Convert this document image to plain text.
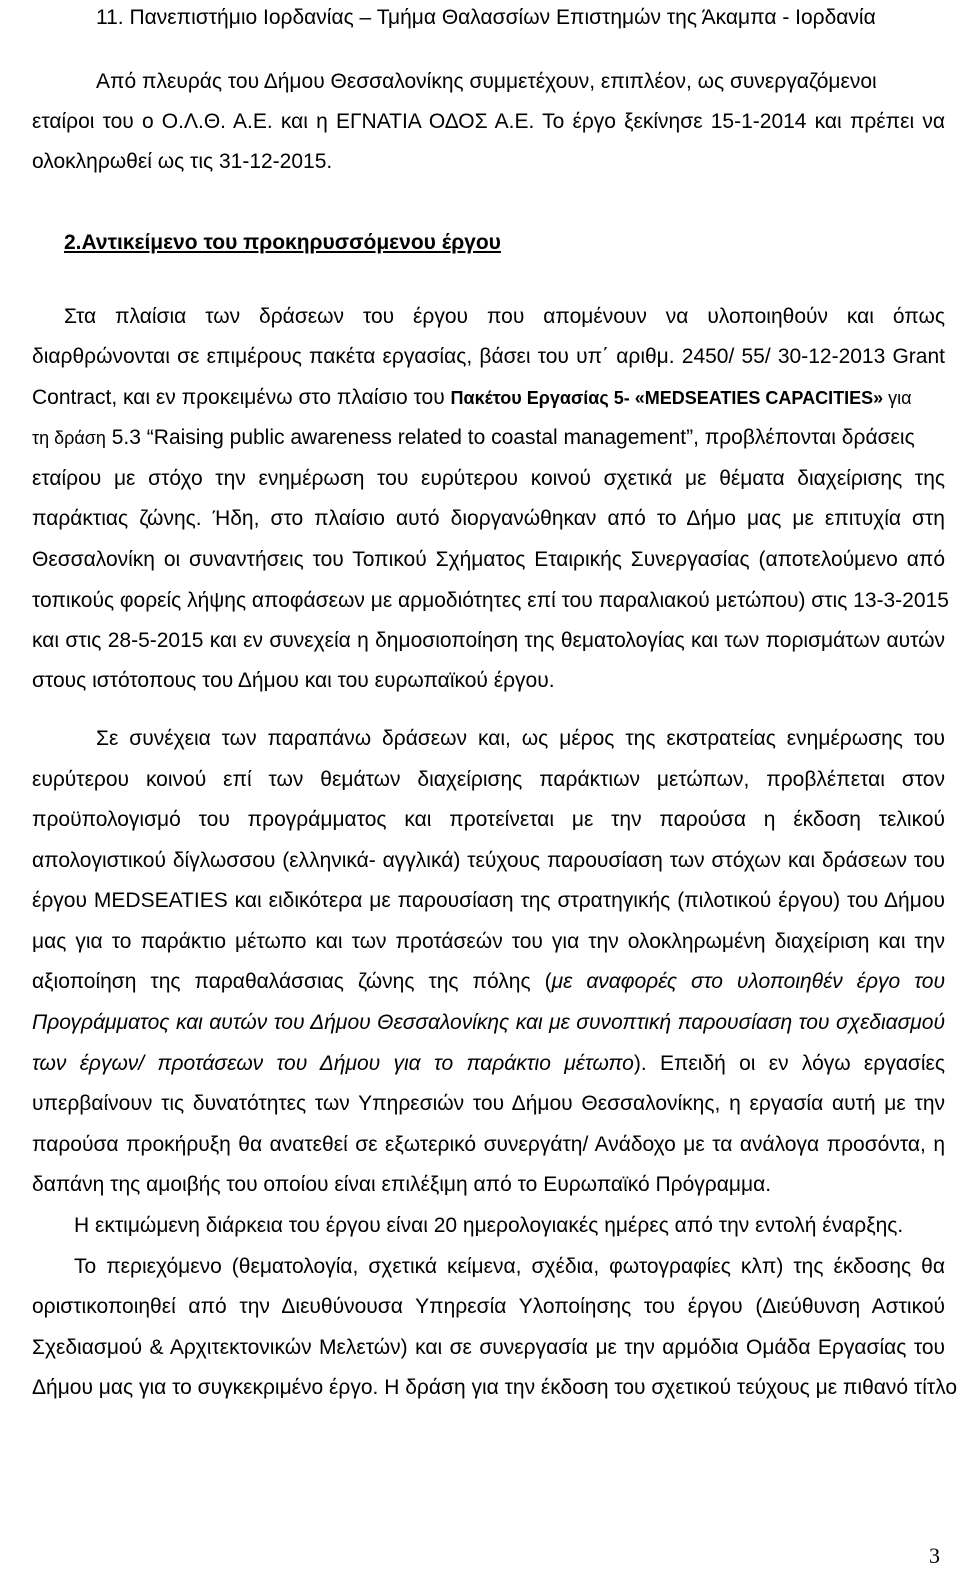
11. Πανεπιστήμιο Ιορδανίας – Τμήμα Θαλασσίων Επιστημών της Άκαμπα - Ιορδανία
Από πλευράς του Δήμου Θεσσαλονίκης συμμετέχουν, επιπλέον, ως συνεργαζόμενοι
εταίροι του ο Ο.Λ.Θ. Α.Ε. και η ΕΓΝΑΤΙΑ ΟΔΟΣ Α.Ε. Το έργο ξεκίνησε 15-1-2014 και πρέπει να
ολοκληρωθεί ως τις 31-12-2015.
2.Αντικείμενο του προκηρυσσόμενου έργου
Στα πλαίσια των δράσεων του έργου που απομένουν να υλοποιηθούν και όπως
διαρθρώνονται σε επιμέρους πακέτα εργασίας, βάσει του υπ΄ αριθμ. 2450/ 55/ 30-12-2013 Grant
Contract, και εν προκειμένω στο πλαίσιο του Πακέτου Εργασίας 5- «MEDSEATIES CAPACITIES» για
τη δράση 5.3 “Raising public awareness related to coastal management”, προβλέπονται δράσεις
εταίρου με στόχο την ενημέρωση του ευρύτερου κοινού σχετικά με θέματα διαχείρισης της
παράκτιας ζώνης. Ήδη, στο πλαίσιο αυτό διοργανώθηκαν από το Δήμο μας με επιτυχία στη
Θεσσαλονίκη οι συναντήσεις του Τοπικού Σχήματος Εταιρικής Συνεργασίας (αποτελούμενο από
τοπικούς φορείς λήψης αποφάσεων με αρμοδιότητες επί του παραλιακού μετώπου) στις 13-3-2015
και στις 28-5-2015 και εν συνεχεία η δημοσιοποίηση της θεματολογίας και των πορισμάτων αυτών
στους ιστότοπους του Δήμου και του ευρωπαϊκού έργου.
Σε συνέχεια των παραπάνω δράσεων και, ως μέρος της εκστρατείας ενημέρωσης του
ευρύτερου κοινού επί των θεμάτων διαχείρισης παράκτιων μετώπων, προβλέπεται στον
προϋπολογισμό του προγράμματος και προτείνεται με την παρούσα η έκδοση τελικού
απολογιστικού δίγλωσσου (ελληνικά- αγγλικά) τεύχους παρουσίαση των στόχων και δράσεων του
έργου MEDSEATIES και ειδικότερα με παρουσίαση της στρατηγικής (πιλοτικού έργου) του Δήμου
μας για το παράκτιο μέτωπο και των προτάσεών του για την ολοκληρωμένη διαχείριση και την
αξιοποίηση της παραθαλάσσιας ζώνης της πόλης (με αναφορές στο υλοποιηθέν έργο του
Προγράμματος και αυτών του Δήμου Θεσσαλονίκης και με συνοπτική παρουσίαση του σχεδιασμού
των έργων/ προτάσεων του Δήμου για το παράκτιο μέτωπο). Επειδή οι εν λόγω εργασίες
υπερβαίνουν τις δυνατότητες των Υπηρεσιών του Δήμου Θεσσαλονίκης, η εργασία αυτή με την
παρούσα προκήρυξη θα ανατεθεί σε εξωτερικό συνεργάτη/ Ανάδοχο με τα ανάλογα προσόντα, η
δαπάνη της αμοιβής του οποίου είναι επιλέξιμη από το Ευρωπαϊκό Πρόγραμμα.
Η εκτιμώμενη διάρκεια του έργου είναι 20 ημερολογιακές ημέρες από την εντολή έναρξης.
Το περιεχόμενο (θεματολογία, σχετικά κείμενα, σχέδια, φωτογραφίες κλπ) της έκδοσης θα
οριστικοποιηθεί από την Διευθύνουσα Υπηρεσία Υλοποίησης του έργου (Διεύθυνση Αστικού
Σχεδιασμού & Αρχιτεκτονικών Μελετών) και σε συνεργασία με την αρμόδια Ομάδα Εργασίας του
Δήμου μας για το συγκεκριμένο έργο. Η δράση για την έκδοση του σχετικού τεύχους με πιθανό τίτλο
3
